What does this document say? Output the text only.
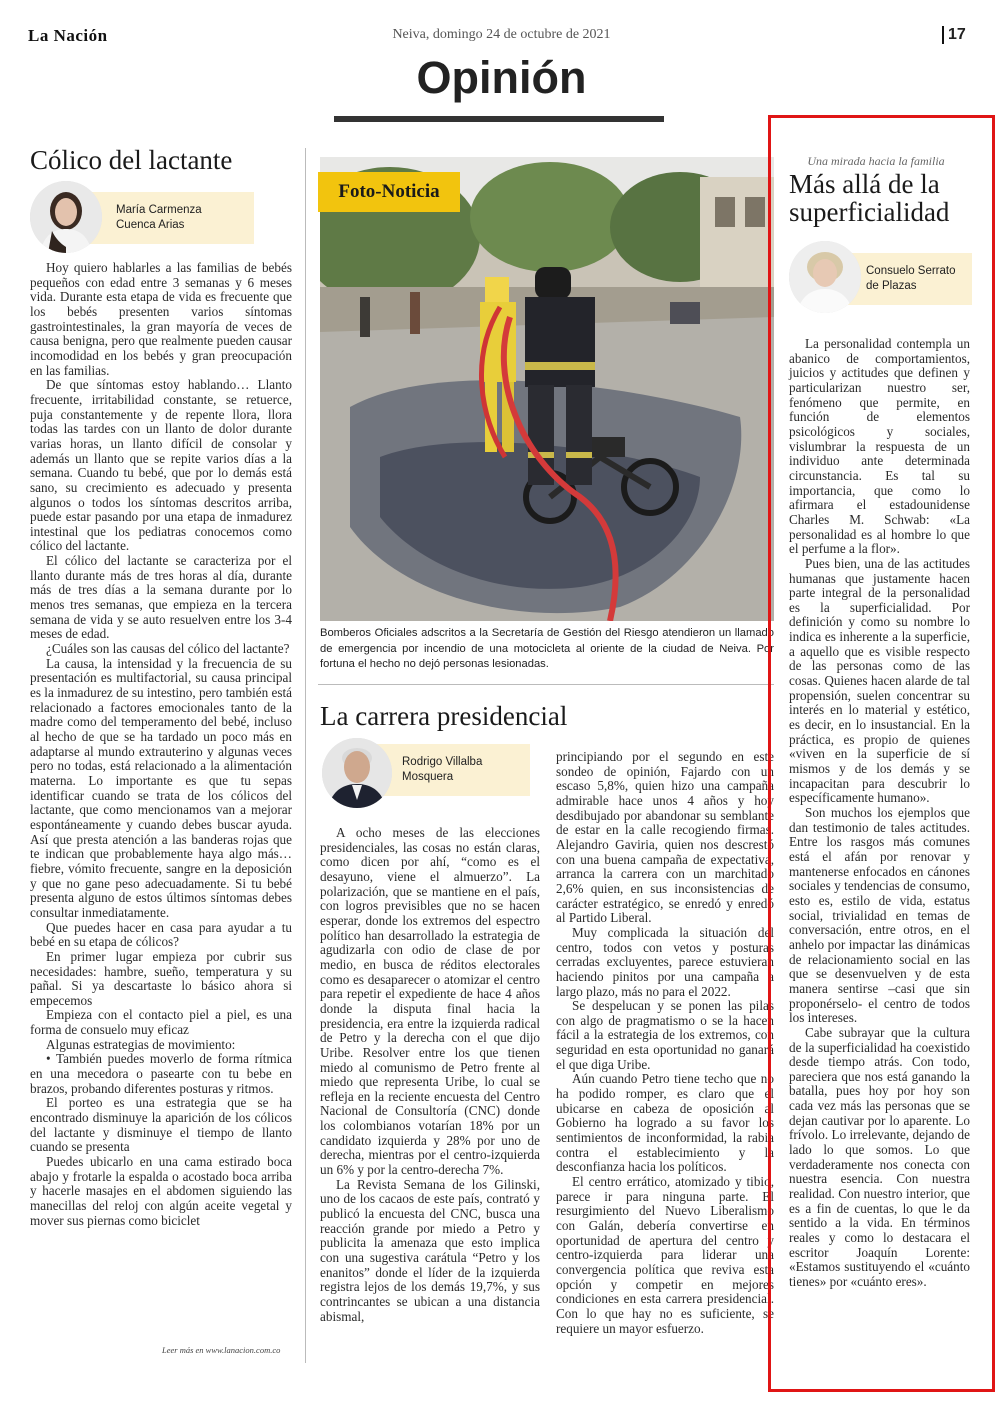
La Nación	Neiva, domingo 24 de octubre de 2021	17
Opinión
Cólico del lactante
María Carmenza
Cuenca Arias

Hoy quiero hablarles a las familias de bebés pequeños con edad entre 3 semanas y 6 meses vida. Durante esta etapa de vida es frecuente que los bebés presenten varios síntomas gastrointestinales, la gran mayoría de veces de causa benigna, pero que realmente pueden causar incomodidad en los bebés y gran preocupación en las familias.

De que síntomas estoy hablando… Llanto frecuente, irritabilidad constante, se retuerce, puja constantemente y de repente llora, llora todas las tardes con un llanto de dolor durante varias horas, un llanto difícil de consolar y además un llanto que se repite varios días a la semana. Cuando tu bebé, que por lo demás está sano, su crecimiento es adecuado y presenta algunos o todos los síntomas descritos arriba, puede estar pasando por una etapa de inmadurez intestinal que los pediatras conocemos como cólico del lactante.

El cólico del lactante se caracteriza por el llanto durante más de tres horas al día, durante más de tres días a la semana durante por lo menos tres semanas, que empieza en la tercera semana de vida y se auto resuelven entre los 3-4 meses de edad.

¿Cuáles son las causas del cólico del lactante?

La causa, la intensidad y la frecuencia de su presentación es multifactorial, su causa principal es la inmadurez de su intestino, pero también está relacionado a factores emocionales tanto de la madre como del temperamento del bebé, incluso al hecho de que se ha tardado un poco más en adaptarse al mundo extrauterino y algunas veces pero no todas, está relacionado a la alimentación materna. Lo importante es que tu sepas identificar cuando se trata de los cólicos del lactante, que como mencionamos van a mejorar espontáneamente y cuando debes buscar ayuda. Así que presta atención a las banderas rojas que te indican que probablemente haya algo más…fiebre, vómito frecuente, sangre en la deposición y que no gane peso adecuadamente. Si tu bebé presenta alguno de estos últimos síntomas debes consultar inmediatamente.

Que puedes hacer en casa para ayudar a tu bebé en su etapa de cólicos?

En primer lugar empieza por cubrir sus necesidades: hambre, sueño, temperatura y su pañal. Si ya descartaste lo básico ahora si empecemos

Empieza con el contacto piel a piel, es una forma de consuelo muy eficaz

Algunas estrategias de movimiento:

• También puedes moverlo de forma rítmica en una mecedora o pasearte con tu bebe en brazos, probando diferentes posturas y ritmos.

El porteo es una estrategia que se ha encontrado disminuye la aparición de los cólicos del lactante y disminuye el tiempo de llanto cuando se presenta

Puedes ubicarlo en una cama estirado boca abajo y frotarle la espalda o acostado boca arriba y hacerle masajes en el abdomen siguiendo las manecillas del reloj con algún aceite vegetal y mover sus piernas como biciclet

Leer más en www.lanacion.com.co
Foto-Noticia
Bomberos Oficiales adscritos a la Secretaría de Gestión del Riesgo atendieron un llamado de emergencia por incendio de una motocicleta al oriente de la ciudad de Neiva. Por fortuna el hecho no dejó personas lesionadas.
La carrera presidencial
Rodrigo Villalba
Mosquera

A ocho meses de las elecciones presidenciales, las cosas no están claras, como dicen por ahí, “como es el desayuno, viene el almuerzo”. La polarización, que se mantiene en el país, con logros previsibles que no se hacen esperar, donde los extremos del espectro político han desarrollado la estrategia de agudizarla con odio de clase de por medio, en busca de réditos electorales como es desaparecer o atomizar el centro para repetir el expediente de hace 4 años donde la disputa final hacia la presidencia, era entre la izquierda radical de Petro y la derecha con el que dijo Uribe. Resolver entre los que tienen miedo al comunismo de Petro frente al miedo que representa Uribe, lo cual se refleja en la reciente encuesta del Centro Nacional de Consultoría (CNC) donde los colombianos votarían 18% por un candidato izquierda y 28% por uno de derecha, mientras por el centro-izquierda un 6% y por la centro-derecha 7%.

La Revista Semana de los Gilinski, uno de los cacaos de este país, contrató y publicó la encuesta del CNC, busca una reacción grande por miedo a Petro y publicita la amenaza que esto implica con una sugestiva carátula “Petro y los enanitos” donde el líder de la izquierda registra lejos de los demás 19,7%, y sus contrincantes se ubican a una distancia abismal,

principiando por el segundo en este sondeo de opinión, Fajardo con un escaso 5,8%, quien hizo una campaña admirable hace unos 4 años y hoy desdibujado por abandonar su semblante de estar en la calle recogiendo firmas. Alejandro Gaviria, quien nos descrestó con una buena campaña de expectativa, arranca la carrera con un marchitado 2,6% quien, en sus inconsistencias de carácter estratégico, se enredó y enredó al Partido Liberal.

Muy complicada la situación del centro, todos con vetos y posturas cerradas excluyentes, parece estuvieran haciendo pinitos por una campaña a largo plazo, más no para el 2022.

Se despelucan y se ponen las pilas con algo de pragmatismo o se la hacen fácil a la estrategia de los extremos, con seguridad en esta oportunidad no ganará el que diga Uribe.

Aún cuando Petro tiene techo que no ha podido romper, es claro que el ubicarse en cabeza de oposición al Gobierno ha logrado a su favor los sentimientos de inconformidad, la rabia contra el establecimiento y la desconfianza hacia los políticos.

El centro errático, atomizado y tibio, parece ir para ninguna parte. El resurgimiento del Nuevo Liberalismo con Galán, debería convertirse en oportunidad de apertura del centro y centro-izquierda para liderar una convergencia política que reviva esta opción y competir en mejores condiciones en esta carrera presidencial. Con lo que hay no es suficiente, se requiere un mayor esfuerzo.

Una mirada hacia la familia
Más allá de la superficialidad
Consuelo Serrato
de Plazas

La personalidad contempla un abanico de comportamientos, juicios y actitudes que definen y particularizan nuestro ser, fenómeno que permite, en función de elementos psicológicos y sociales, vislumbrar la respuesta de un individuo ante determinada circunstancia. Es tal su importancia, que como lo afirmara el estadounidense Charles M. Schwab: «La personalidad es al hombre lo que el perfume a la flor».

Pues bien, una de las actitudes humanas que justamente hacen parte integral de la personalidad es la superficialidad. Por definición y como su nombre lo indica es inherente a la superficie, a aquello que es visible respecto de las personas como de las cosas. Quienes hacen alarde de tal propensión, suelen concentrar su interés en lo material y estético, es decir, en lo insustancial. En la práctica, es propio de quienes «viven en la superficie de sí mismos y de los demás y se incapacitan para descubrir lo específicamente humano».

Son muchos los ejemplos que dan testimonio de tales actitudes. Entre los rasgos más comunes está el afán por renovar y mantenerse enfocados en cánones sociales y tendencias de consumo, esto es, estilo de vida, estatus social, trivialidad en temas de conversación, entre otros, en el anhelo por impactar las dinámicas de relacionamiento social en las que se desenvuelven y de esta manera sentirse –casi que sin proponérselo- el centro de todos los intereses.

Cabe subrayar que la cultura de la superficialidad ha coexistido desde tiempo atrás. Con todo, pareciera que nos está ganando la batalla, pues hoy por hoy son cada vez más las personas que se dejan cautivar por lo aparente. Lo frívolo. Lo irrelevante, dejando de lado lo que somos. Lo que verdaderamente nos conecta con nuestra esencia. Con nuestra realidad. Con nuestro interior, que es a fin de cuentas, lo que le da sentido a la vida. En términos reales y como lo destacara el escritor Joaquín Lorente: «Estamos sustituyendo el «cuánto tienes» por «cuánto eres».
